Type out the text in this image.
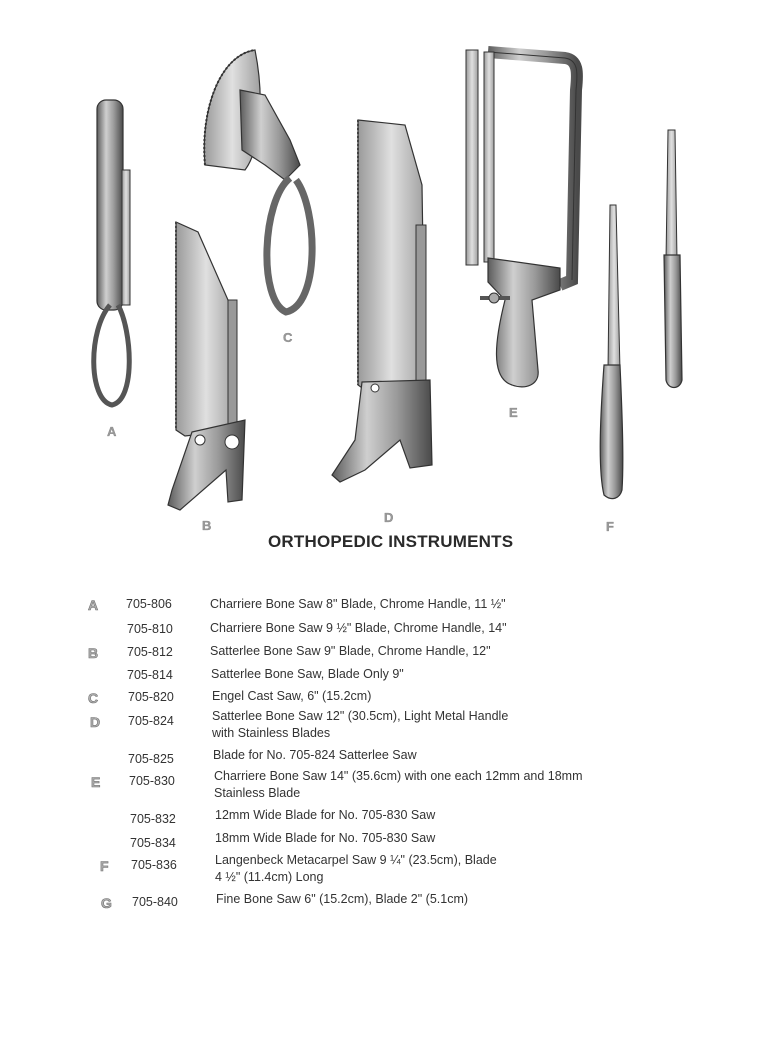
A
B
C
D
E
F
ORTHOPEDIC INSTRUMENTS
A 705-806	Charriere Bone Saw 8" Blade, Chrome Handle, 11 ½"
705-810	Charriere Bone Saw 9 ½" Blade, Chrome Handle, 14"
B 705-812	Satterlee Bone Saw 9" Blade, Chrome Handle, 12"
705-814	Satterlee Bone Saw, Blade Only 9"
C 705-820	Engel Cast Saw, 6" (15.2cm)
D 705-824	Satterlee Bone Saw 12" (30.5cm), Light Metal Handle
with Stainless Blades
705-825	Blade for No. 705-824 Satterlee Saw
E 705-830	Charriere Bone Saw 14" (35.6cm) with one each 12mm and 18mm
Stainless Blade
705-832	12mm Wide Blade for No. 705-830 Saw
705-834	18mm Wide Blade for No. 705-830 Saw
F 705-836	Langenbeck Metacarpel Saw 9 ¼" (23.5cm), Blade
4 ½" (11.4cm) Long
G 705-840	Fine Bone Saw 6" (15.2cm), Blade 2" (5.1cm)
